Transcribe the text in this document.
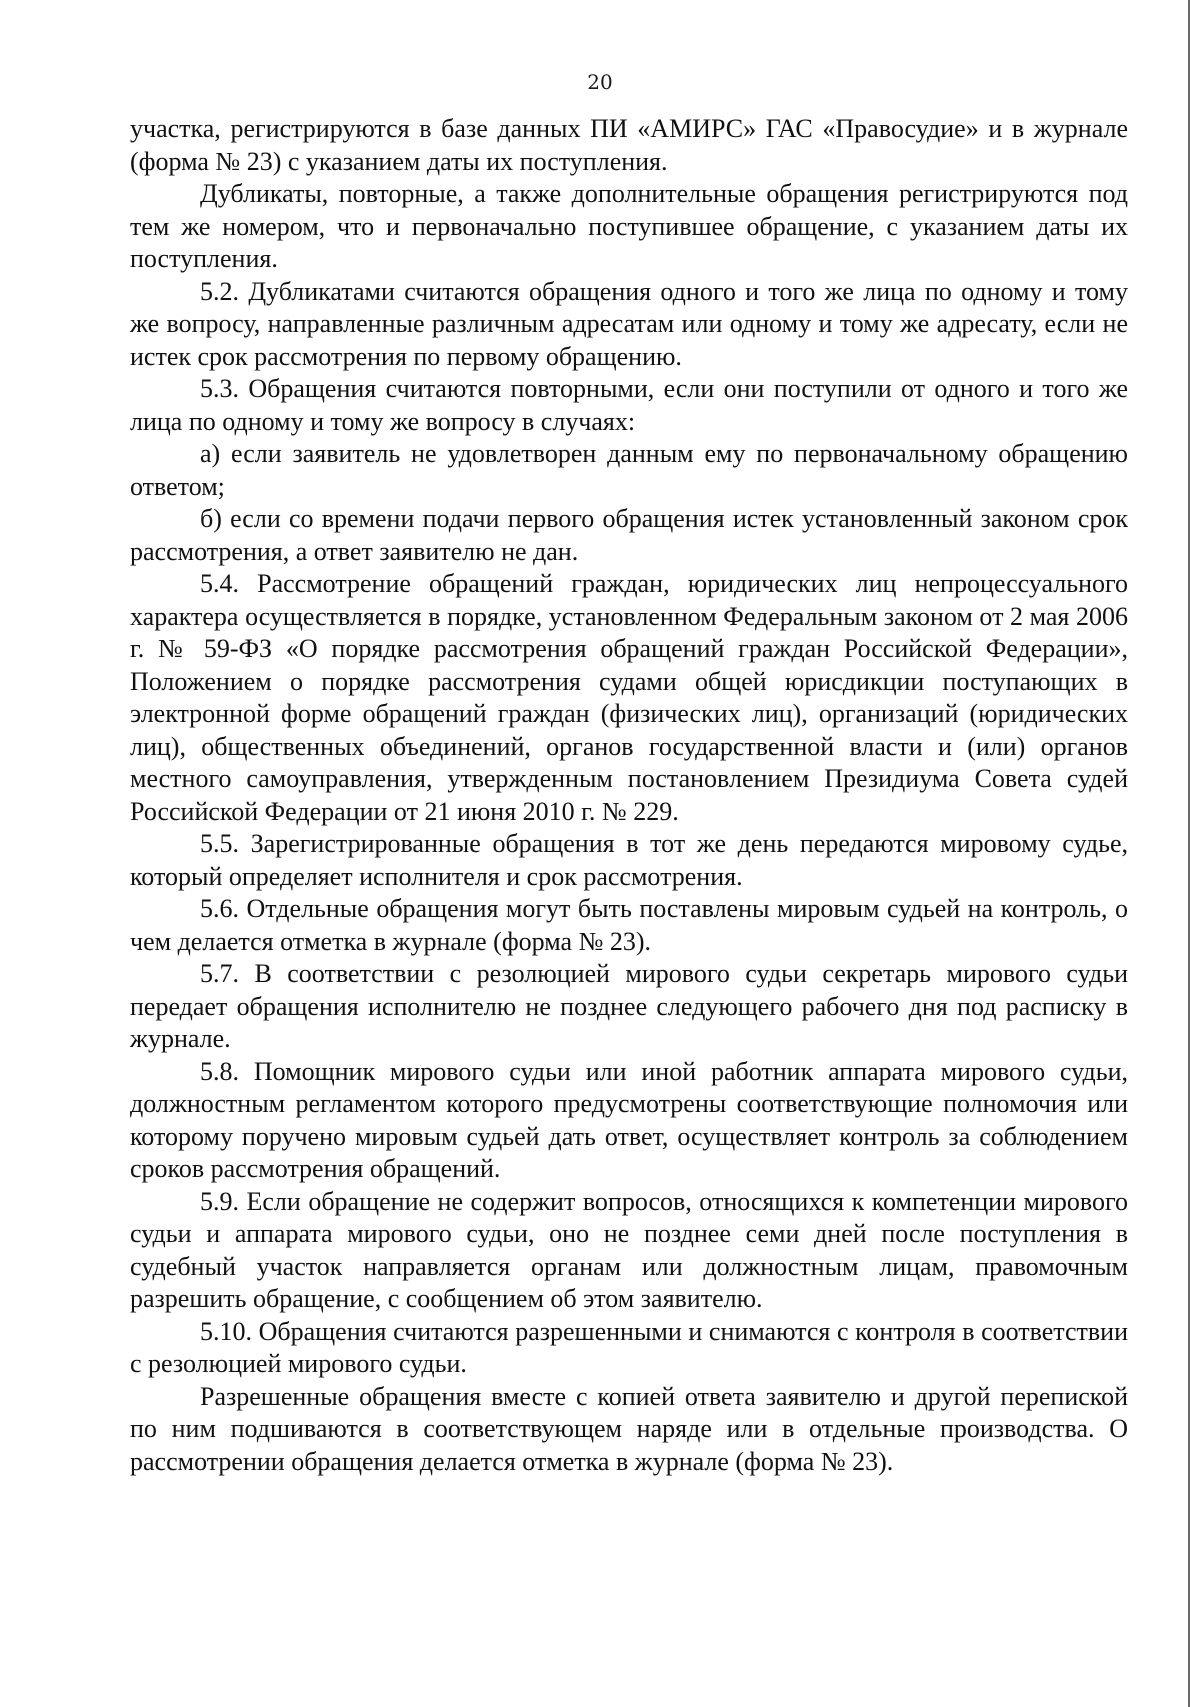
20

участка, регистрируются в базе данных ПИ «АМИРС» ГАС «Правосудие» и в журнале (форма № 23) с указанием даты их поступления.

Дубликаты, повторные, а также дополнительные обращения регистрируются под тем же номером, что и первоначально поступившее обращение, с указанием даты их поступления.

5.2. Дубликатами считаются обращения одного и того же лица по одному и тому же вопросу, направленные различным адресатам или одному и тому же адресату, если не истек срок рассмотрения по первому обращению.

5.3. Обращения считаются повторными, если они поступили от одного и того же лица по одному и тому же вопросу в случаях:

а) если заявитель не удовлетворен данным ему по первоначальному обращению ответом;

б) если со времени подачи первого обращения истек установленный законом срок рассмотрения, а ответ заявителю не дан.

5.4. Рассмотрение обращений граждан, юридических лиц непроцессуального характера осуществляется в порядке, установленном Федеральным законом от 2 мая 2006 г. № 59-ФЗ «О порядке рассмотрения обращений граждан Российской Федерации», Положением о порядке рассмотрения судами общей юрисдикции поступающих в электронной форме обращений граждан (физических лиц), организаций (юридических лиц), общественных объединений, органов государственной власти и (или) органов местного самоуправления, утвержденным постановлением Президиума Совета судей Российской Федерации от 21 июня 2010 г. № 229.

5.5. Зарегистрированные обращения в тот же день передаются мировому судье, который определяет исполнителя и срок рассмотрения.

5.6. Отдельные обращения могут быть поставлены мировым судьей на контроль, о чем делается отметка в журнале (форма № 23).

5.7. В соответствии с резолюцией мирового судьи секретарь мирового судьи передает обращения исполнителю не позднее следующего рабочего дня под расписку в журнале.

5.8. Помощник мирового судьи или иной работник аппарата мирового судьи, должностным регламентом которого предусмотрены соответствующие полномочия или которому поручено мировым судьей дать ответ, осуществляет контроль за соблюдением сроков рассмотрения обращений.

5.9. Если обращение не содержит вопросов, относящихся к компетенции мирового судьи и аппарата мирового судьи, оно не позднее семи дней после поступления в судебный участок направляется органам или должностным лицам, правомочным разрешить обращение, с сообщением об этом заявителю.

5.10. Обращения считаются разрешенными и снимаются с контроля в соответствии с резолюцией мирового судьи.

Разрешенные обращения вместе с копией ответа заявителю и другой перепиской по ним подшиваются в соответствующем наряде или в отдельные производства. О рассмотрении обращения делается отметка в журнале (форма № 23).
